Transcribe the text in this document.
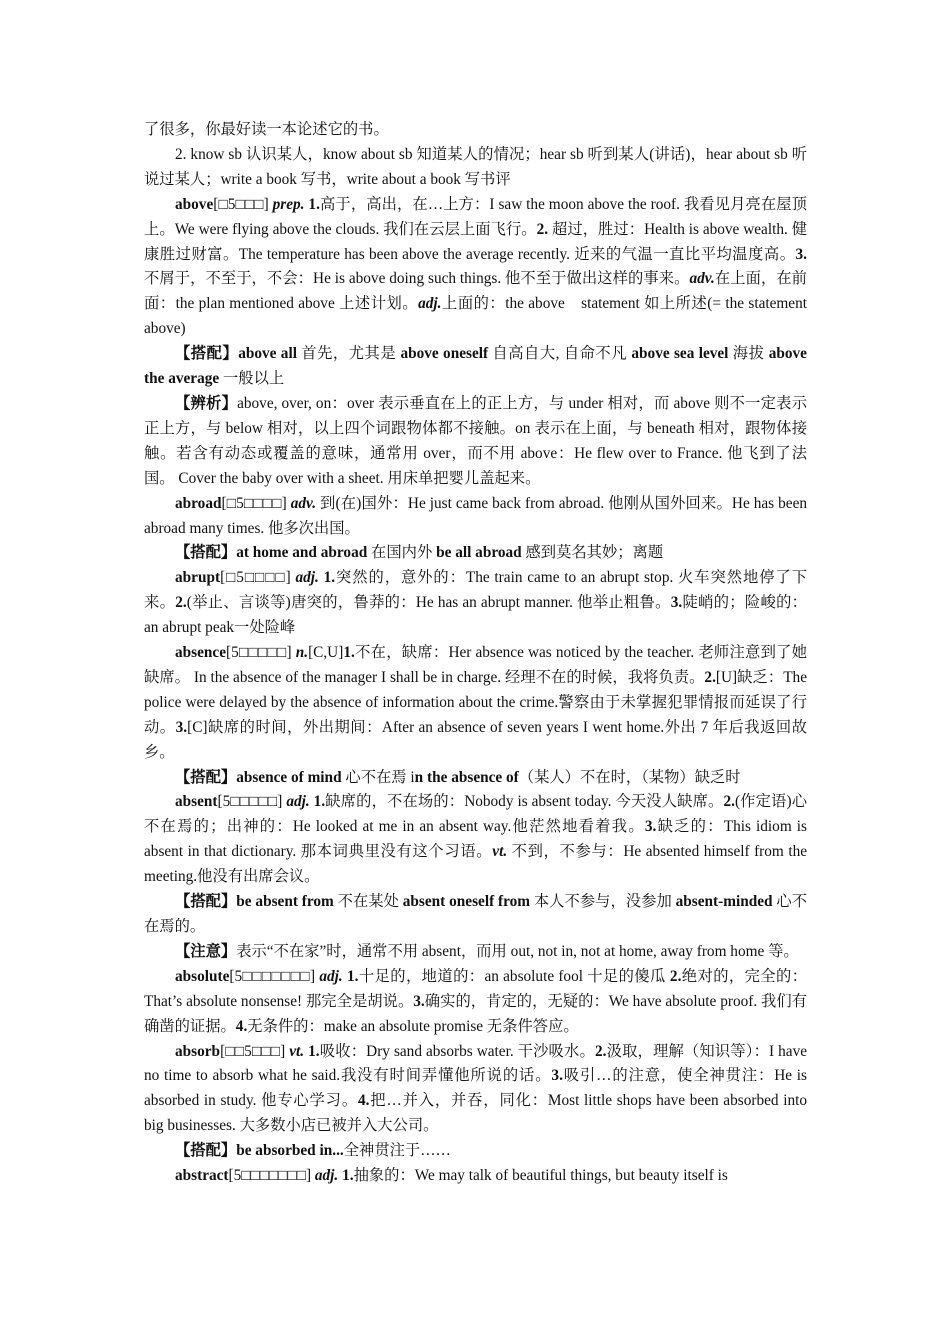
了很多，你最好读一本论述它的书。

2. know sb 认识某人，know about sb 知道某人的情况；hear sb 听到某人(讲话)，hear about sb 听说过某人；write a book 写书，write about a book 写书评

above[□5□□□] prep. 1.高于，高出，在…上方：I saw the moon above the roof. 我看见月亮在屋顶上。We were flying above the clouds. 我们在云层上面飞行。2. 超过，胜过：Health is above wealth. 健康胜过财富。The temperature has been above the average recently. 近来的气温一直比平均温度高。3.不屑于，不至于，不会：He is above doing such things. 他不至于做出这样的事来。adv.在上面，在前面：the plan mentioned above 上述计划。adj.上面的：the above　statement 如上所述(= the statement above)

【搭配】above all 首先，尤其是 above oneself 自高自大, 自命不凡 above sea level 海拔 above the average 一般以上

【辨析】above, over, on：over 表示垂直在上的正上方，与 under 相对，而 above 则不一定表示正上方，与 below 相对，以上四个词跟物体都不接触。on 表示在上面，与 beneath 相对，跟物体接触。若含有动态或覆盖的意味，通常用 over，而不用 above：He flew over to France. 他飞到了法国。 Cover the baby over with a sheet. 用床单把婴儿盖起来。

abroad[□5□□□□] adv. 到(在)国外：He just came back from abroad. 他刚从国外回来。He has been abroad many times. 他多次出国。

【搭配】at home and abroad 在国内外 be all abroad 感到莫名其妙；离题

abrupt[□5□□□□] adj. 1.突然的，意外的：The train came to an abrupt stop. 火车突然地停了下来。2.(举止、言谈等)唐突的，鲁莽的：He has an abrupt manner. 他举止粗鲁。3.陡峭的；险峻的：an abrupt peak一处险峰

absence[5□□□□□] n.[C,U]1.不在，缺席：Her absence was noticed by the teacher. 老师注意到了她缺席。 In the absence of the manager I shall be in charge. 经理不在的时候，我将负责。2.[U]缺乏：The police were delayed by the absence of information about the crime.警察由于未掌握犯罪情报而延误了行动。3.[C]缺席的时间，外出期间：After an absence of seven years I went home.外出 7 年后我返回故乡。

【搭配】absence of mind 心不在焉 in the absence of（某人）不在时，（某物）缺乏时

absent[5□□□□□] adj. 1.缺席的，不在场的：Nobody is absent today. 今天没人缺席。2.(作定语)心不在焉的；出神的：He looked at me in an absent way.他茫然地看着我。3.缺乏的：This idiom is absent in that dictionary. 那本词典里没有这个习语。vt. 不到，不参与：He absented himself from the meeting.他没有出席会议。

【搭配】be absent from 不在某处 absent oneself from 本人不参与，没参加 absent-minded 心不在焉的。

【注意】表示“不在家”时，通常不用 absent，而用 out, not in, not at home, away from home 等。

absolute[5□□□□□□□] adj. 1.十足的，地道的：an absolute fool 十足的傻瓜 2.绝对的，完全的：That’s absolute nonsense! 那完全是胡说。3.确实的，肯定的，无疑的：We have absolute proof. 我们有确凿的证据。4.无条件的：make an absolute promise 无条件答应。

absorb[□□5□□□] vt. 1.吸收：Dry sand absorbs water. 干沙吸水。2.汲取，理解（知识等）：I have no time to absorb what he said.我没有时间弄懂他所说的话。3.吸引…的注意，使全神贯注：He is absorbed in study. 他专心学习。4.把…并入，并吞，同化：Most little shops have been absorbed into big businesses. 大多数小店已被并入大公司。

【搭配】be absorbed in...全神贯注于……

abstract[5□□□□□□□] adj. 1.抽象的：We may talk of beautiful things, but beauty itself is
